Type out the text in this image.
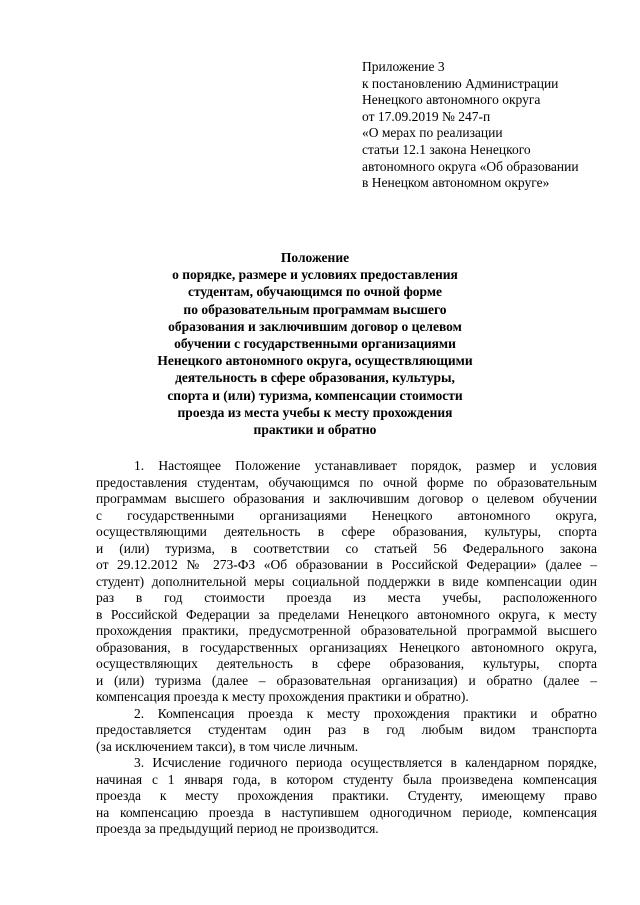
Приложение 3
к постановлению Администрации
Ненецкого автономного округа
от 17.09.2019 № 247-п
«О мерах по реализации
статьи 12.1 закона Ненецкого
автономного округа «Об образовании
в Ненецком автономном округе»
Положение
о порядке, размере и условиях предоставления
студентам, обучающимся по очной форме
по образовательным программам высшего
образования и заключившим договор о целевом
обучении с государственными организациями
Ненецкого автономного округа, осуществляющими
деятельность в сфере образования, культуры,
спорта и (или) туризма, компенсации стоимости
проезда из места учебы к месту прохождения
практики и обратно
1. Настоящее Положение устанавливает порядок, размер и условия
предоставления студентам, обучающимся по очной форме по образовательным
программам высшего образования и заключившим договор о целевом обучении
с государственными организациями Ненецкого автономного округа,
осуществляющими деятельность в сфере образования, культуры, спорта
и (или) туризма, в соответствии со статьей 56 Федерального закона
от 29.12.2012 № 273-ФЗ «Об образовании в Российской Федерации» (далее –
студент) дополнительной меры социальной поддержки в виде компенсации один
раз в год стоимости проезда из места учебы, расположенного
в Российской Федерации за пределами Ненецкого автономного округа, к месту
прохождения практики, предусмотренной образовательной программой высшего
образования, в государственных организациях Ненецкого автономного округа,
осуществляющих деятельность в сфере образования, культуры, спорта
и (или) туризма (далее – образовательная организация) и обратно (далее –
компенсация проезда к месту прохождения практики и обратно).
2. Компенсация проезда к месту прохождения практики и обратно
предоставляется студентам один раз в год любым видом транспорта
(за исключением такси), в том числе личным.
3. Исчисление годичного периода осуществляется в календарном порядке,
начиная с 1 января года, в котором студенту была произведена компенсация
проезда к месту прохождения практики. Студенту, имеющему право
на компенсацию проезда в наступившем одногодичном периоде, компенсация
проезда за предыдущий период не производится.
